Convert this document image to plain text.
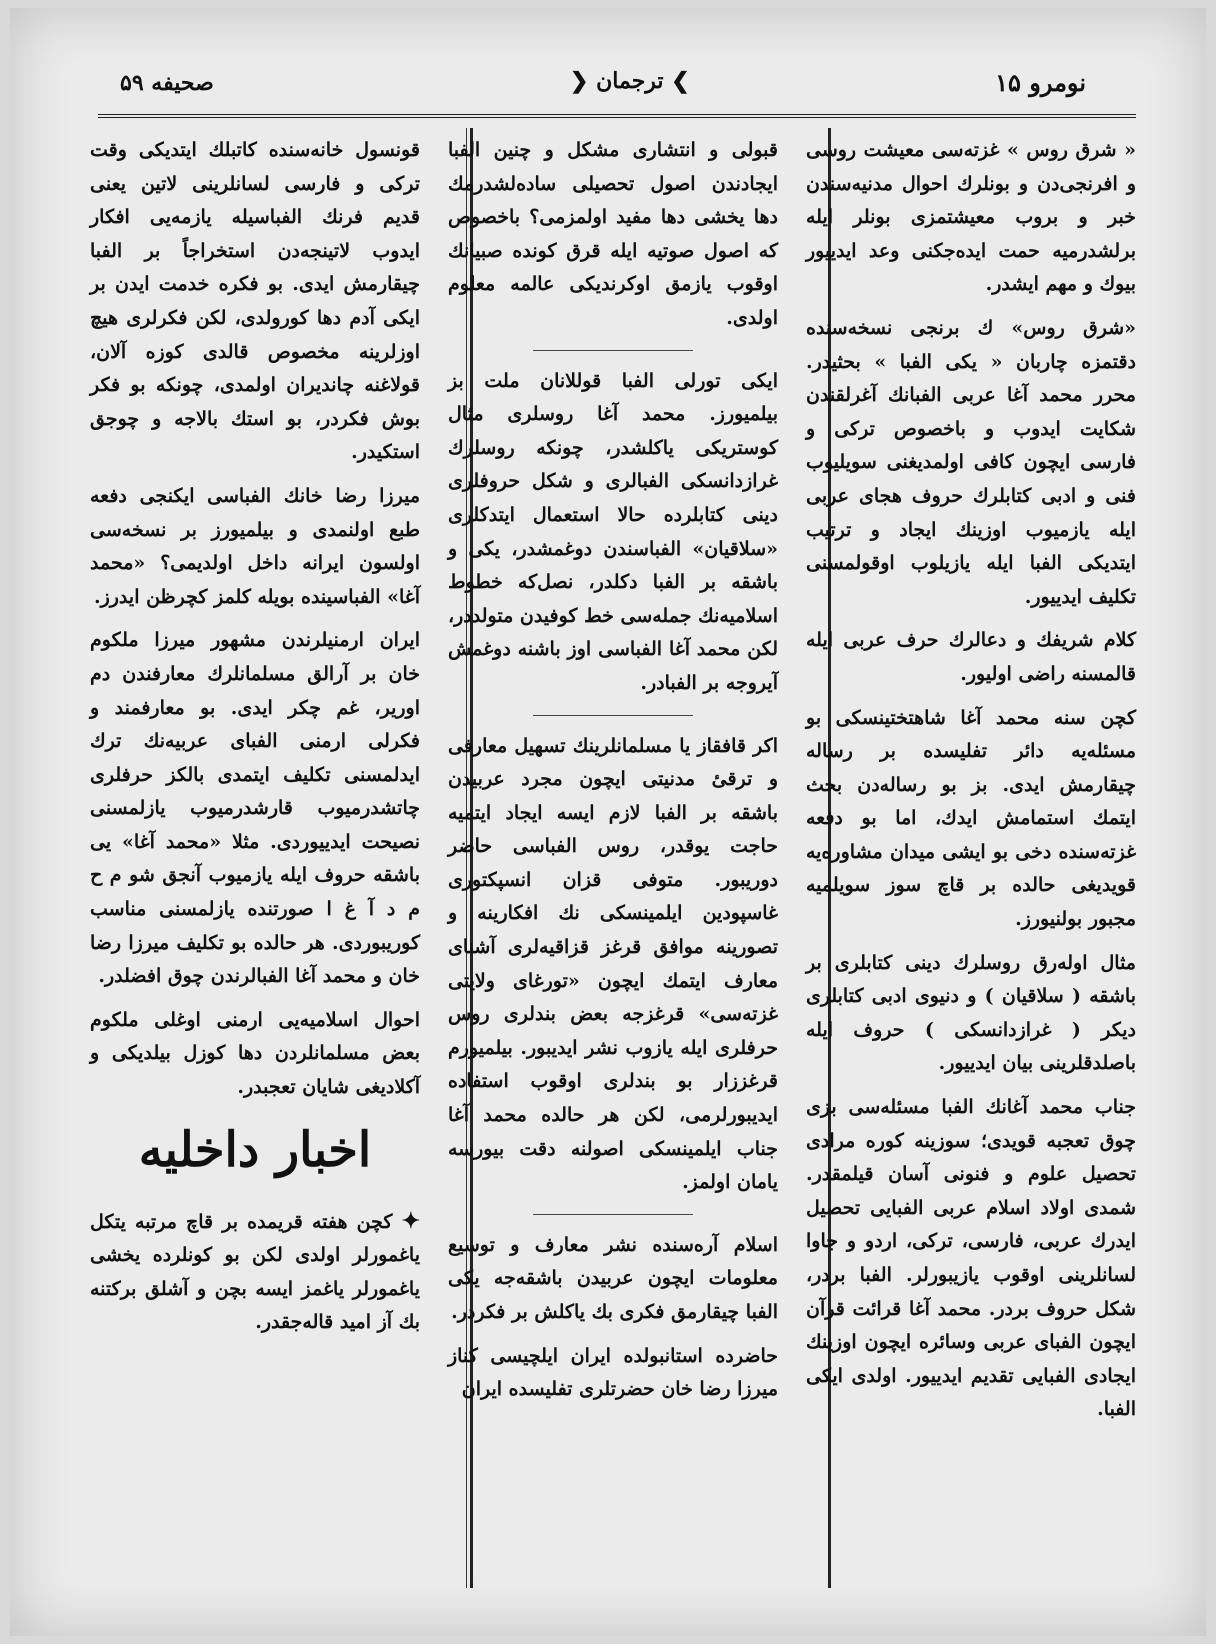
نومرو ۱۵
❯ ترجمان ❮
صحیفه ۵۹

« شرق روس » غزته‌سی معیشت روسی و افرنجی‌دن و بونلرك احوال مدنیه‌سندن خبر و بروب معیشتمزی بونلر ایله برلشدرمیه حمت ایده‌جکنی وعد ایدییور بیوك و مهم ایشدر.

«شرق روس» ك برنجی نسخه‌سنده دقتمزه چاربان « یکی الفبا » بحثیدر. محرر محمد آغا عربی الفبانك آغرلقندن شکایت ایدوب و باخصوص ترکی و فارسی ایچون کافی اولمدیغنی سویلیوب فنی و ادبی کتابلرك حروف هجای عربی ایله یازمیوب اوزینك ایجاد و ترتیب ایتدیکی الفبا ایله یازیلوب اوقولمسنی تکلیف ایدییور.

کلام شریفك و دعالرك حرف عربی ایله قالمسنه راضی اولیور.

کچن سنه محمد آغا شاهتختینسکی بو مسئله‌یه دائر تفلیسده بر رساله چیقارمش ایدی. بز بو رساله‌دن بحث ایتمك استمامش ایدك، اما بو دفعه غزته‌سنده دخی بو ایشی میدان مشاوره‌یه قویدیغی حالده بر قاچ سوز سویلمیه مجبور بولنیورز.

مثال اولەرق روسلرك دینی کتابلری بر باشقه ( سلاقیان ) و دنیوی ادبی کتابلری دیکر ( غرازدانسکی ) حروف ایله باصلدقلرینی بیان ایدییور.

جناب محمد آغانك الفبا مسئله‌سی بزی چوق تعجبه قویدی؛ سوزینه کوره مرادی تحصیل علوم و فنونی آسان قیلمقدر. شمدی اولاد اسلام عربی الفبایی تحصیل ایدرك عربی، فارسی، ترکی، اردو و جاوا لسانلرینی اوقوب یازیبورلر. الفبا بردر، شکل حروف بردر. محمد آغا قرائت قرآن ایچون الفبای عربی وسائره ایچون اوزینك ایجادی الفبایی تقدیم ایدییور. اولدی ایکی الفبا.

قبولی و انتشاری مشکل و چنین الفبا ایجادندن اصول تحصیلی ساده‌لشدرمك دها یخشی دها مفید اولمزمی؟ باخصوص که اصول صوتیه ایله قرق کونده صبیانك اوقوب یازمق اوکرندیکی عالمه معلوم اولدی.

ایکی تورلی الفبا قوللانان ملت بز بیلمیورز. محمد آغا روسلری مثال کوستریکی یاکلشدر، چونکه روسلرك غرازدانسکی الفبالری و شکل حروفلری دینی کتابلرده حالا استعمال ایتدکلری «سلاقیان» الفباسندن دوغمشدر، یکی و باشقه بر الفبا دکلدر، نصل‌که خطوط اسلامیه‌نك جمله‌سی خط کوفیدن متولددر، لکن محمد آغا الفباسی اوز باشنه دوغمش آیروجه بر الفبادر.

اکر قافقاز یا مسلمانلرینك تسهیل معارفی و ترقیٔ مدنیتی ایچون مجرد عربیدن باشقه بر الفبا لازم ایسه ایجاد ایتمیه حاجت یوقدر، روس الفباسی حاضر دوریبور. متوفی قزان انسپکتوری غاسپودین ایلمینسکی نك افکارینه و تصورینه موافق قرغز قزاقیه‌لری آشنای معارف ایتمك ایچون «تورغای ولایتی غزته‌سی» قرغزجه بعض بندلری روس حرفلری ایله یازوب نشر ایدیبور. بیلمیورم قرغززار بو بندلری اوقوب استفاده ایدیبورلرمی، لکن هر حالده محمد آغا جناب ایلمینسکی اصولنه دقت بیورسه یامان اولمز.

اسلام آره‌سنده نشر معارف و توسیع معلومات ایچون عربیدن باشقه‌جه یکی الفبا چیقارمق فکری بك یاکلش بر فکردر.

حاضرده استانبولده ایران ایلچیسی کناز میرزا رضا خان حضرتلری تفلیسده ایران

قونسول خانه‌سنده کاتبلك ایتدیکی وقت ترکی و فارسی لسانلرینی لاتین یعنی قدیم فرنك الفباسیله یازمه‌یی افکار ایدوب لاتینجه‌دن استخراجاً بر الفبا چیقارمش ایدی. بو فکره خدمت ایدن بر ایکی آدم دها کورولدی، لکن فکرلری هیچ اوزلرینه مخصوص قالدی کوزه آلان، قولاغنه چاندیران اولمدی، چونکه بو فکر بوش فکردر، بو استك بالاجه و چوجق استکیدر.

میرزا رضا خانك الفباسی ایکنجی دفعه طبع اولنمدی و بیلمیورز بر نسخه‌سی اولسون ایرانه داخل اولدیمی؟ «محمد آغا» الفباسینده بویله کلمز کچرظن ایدرز.

ایران ارمنیلرندن مشهور میرزا ملکوم خان بر آرالق مسلمانلرك معارفندن دم اوریر، غم چکر ایدی. بو معارفمند و فکرلی ارمنی الفبای عربیه‌نك ترك ایدلمسنی تکلیف ایتمدی بالکز حرفلری چاتشدرمیوب قارشدرمیوب یازلمسنی نصیحت ایدییوردی. مثلا «محمد آغا» یی باشقه حروف ایله یازمیوب آنجق شو م ح م د آ غ ا صورتنده یازلمسنی مناسب کوریبوردی. هر حالده بو تکلیف میرزا رضا خان و محمد آغا الفبالرندن چوق افضلدر.

احوال اسلامیه‌یی ارمنی اوغلی ملکوم بعض مسلمانلردن دها کوزل بیلدیکی و آکلادیغی شایان تعجبدر.

اخبار داخلیه

✦ کچن هفته قریمده بر قاچ مرتبه یتکل یاغمورلر اولدی لکن بو کونلرده یخشی یاغمورلر یاغمز ایسه بچن و آشلق برکتنه بك آز امید قاله‌جقدر.
